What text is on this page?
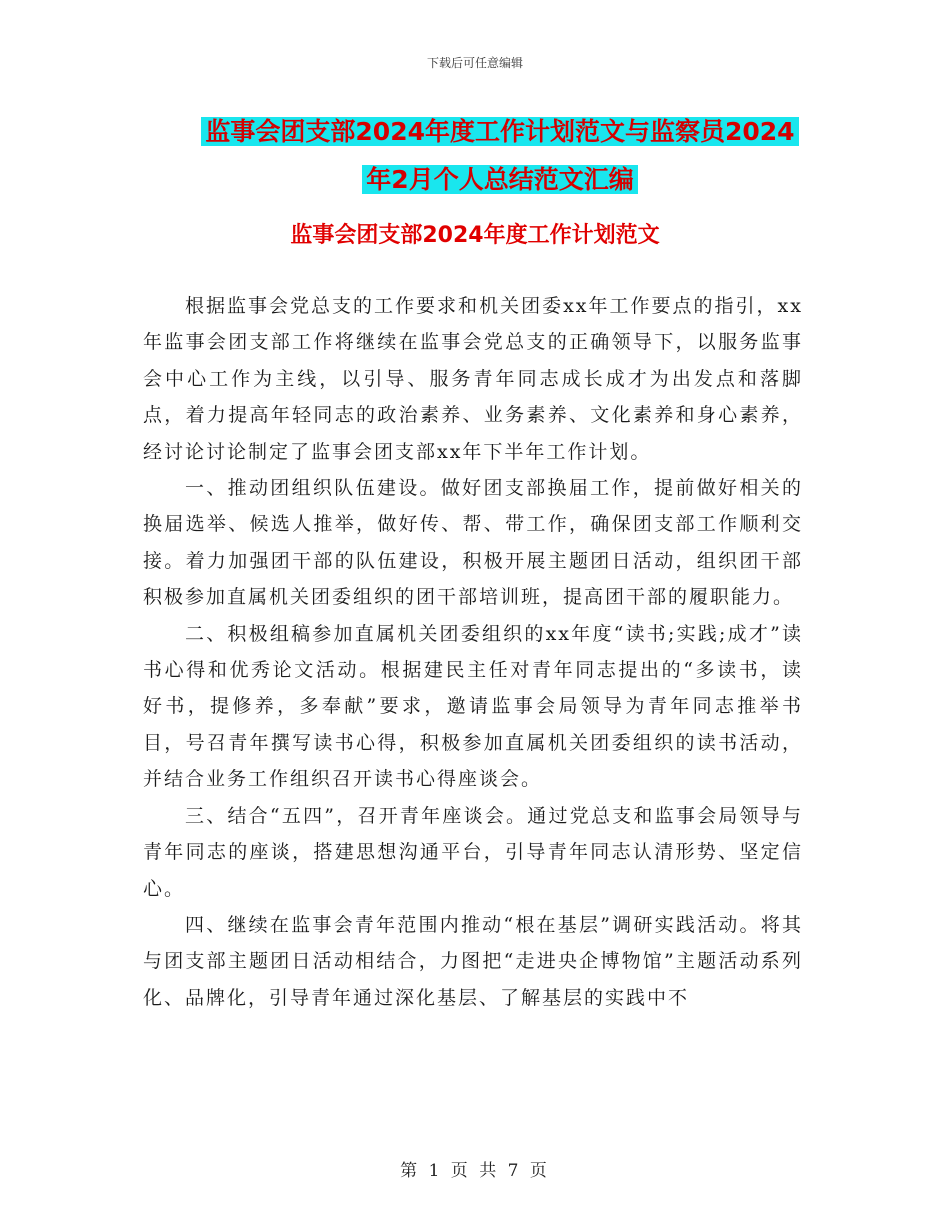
下载后可任意编辑
监事会团支部2024年度工作计划范文与监察员2024
年2月个人总结范文汇编
监事会团支部2024年度工作计划范文

根据监事会党总支的工作要求和机关团委xx年工作要点的指引，xx年监事会团支部工作将继续在监事会党总支的正确领导下，以服务监事会中心工作为主线，以引导、服务青年同志成长成才为出发点和落脚点，着力提高年轻同志的政治素养、业务素养、文化素养和身心素养，经讨论讨论制定了监事会团支部xx年下半年工作计划。

一、推动团组织队伍建设。做好团支部换届工作，提前做好相关的换届选举、候选人推举，做好传、帮、带工作，确保团支部工作顺利交接。着力加强团干部的队伍建设，积极开展主题团日活动，组织团干部积极参加直属机关团委组织的团干部培训班，提高团干部的履职能力。

二、积极组稿参加直属机关团委组织的xx年度“读书;实践;成才”读书心得和优秀论文活动。根据建民主任对青年同志提出的“多读书，读好书，提修养，多奉献”要求，邀请监事会局领导为青年同志推举书目，号召青年撰写读书心得，积极参加直属机关团委组织的读书活动，并结合业务工作组织召开读书心得座谈会。

三、结合“五四”，召开青年座谈会。通过党总支和监事会局领导与青年同志的座谈，搭建思想沟通平台，引导青年同志认清形势、坚定信心。

四、继续在监事会青年范围内推动“根在基层”调研实践活动。将其与团支部主题团日活动相结合，力图把“走进央企博物馆”主题活动系列化、品牌化，引导青年通过深化基层、了解基层的实践中不

第 1 页 共 7 页
